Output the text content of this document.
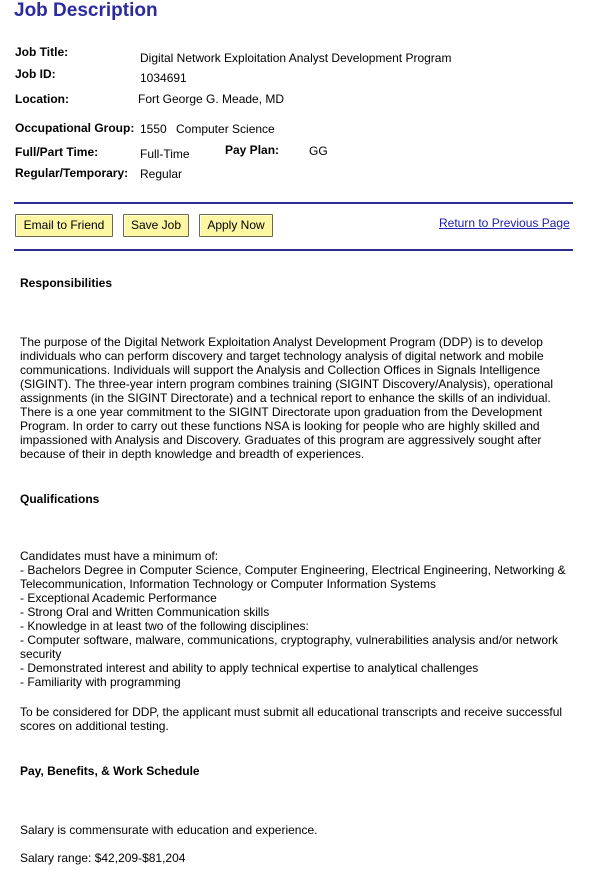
Job Description
Job Title:	Digital Network Exploitation Analyst Development Program
Job ID:	1034691
Location:	Fort George G. Meade, MD
Occupational Group: 1550 Computer Science
Full/Part Time:	Full-Time	Pay Plan: GG
Regular/Temporary: Regular
Email to Friend	Save Job	Apply Now	Return to Previous Page
Responsibilities

The purpose of the Digital Network Exploitation Analyst Development Program (DDP) is to develop individuals who can perform discovery and target technology analysis of digital network and mobile communications. Individuals will support the Analysis and Collection Offices in Signals Intelligence (SIGINT). The three-year intern program combines training (SIGINT Discovery/Analysis), operational assignments (in the SIGINT Directorate) and a technical report to enhance the skills of an individual. There is a one year commitment to the SIGINT Directorate upon graduation from the Development Program. In order to carry out these functions NSA is looking for people who are highly skilled and impassioned with Analysis and Discovery. Graduates of this program are aggressively sought after because of their in depth knowledge and breadth of experiences.

Qualifications
Candidates must have a minimum of:
- Bachelors Degree in Computer Science, Computer Engineering, Electrical Engineering, Networking & Telecommunication, Information Technology or Computer Information Systems
- Exceptional Academic Performance
- Strong Oral and Written Communication skills
- Knowledge in at least two of the following disciplines:
- Computer software, malware, communications, cryptography, vulnerabilities analysis and/or network security
- Demonstrated interest and ability to apply technical expertise to analytical challenges
- Familiarity with programming

To be considered for DDP, the applicant must submit all educational transcripts and receive successful scores on additional testing.

Pay, Benefits, & Work Schedule

Salary is commensurate with education and experience.

Salary range: $42,209-$81,204
